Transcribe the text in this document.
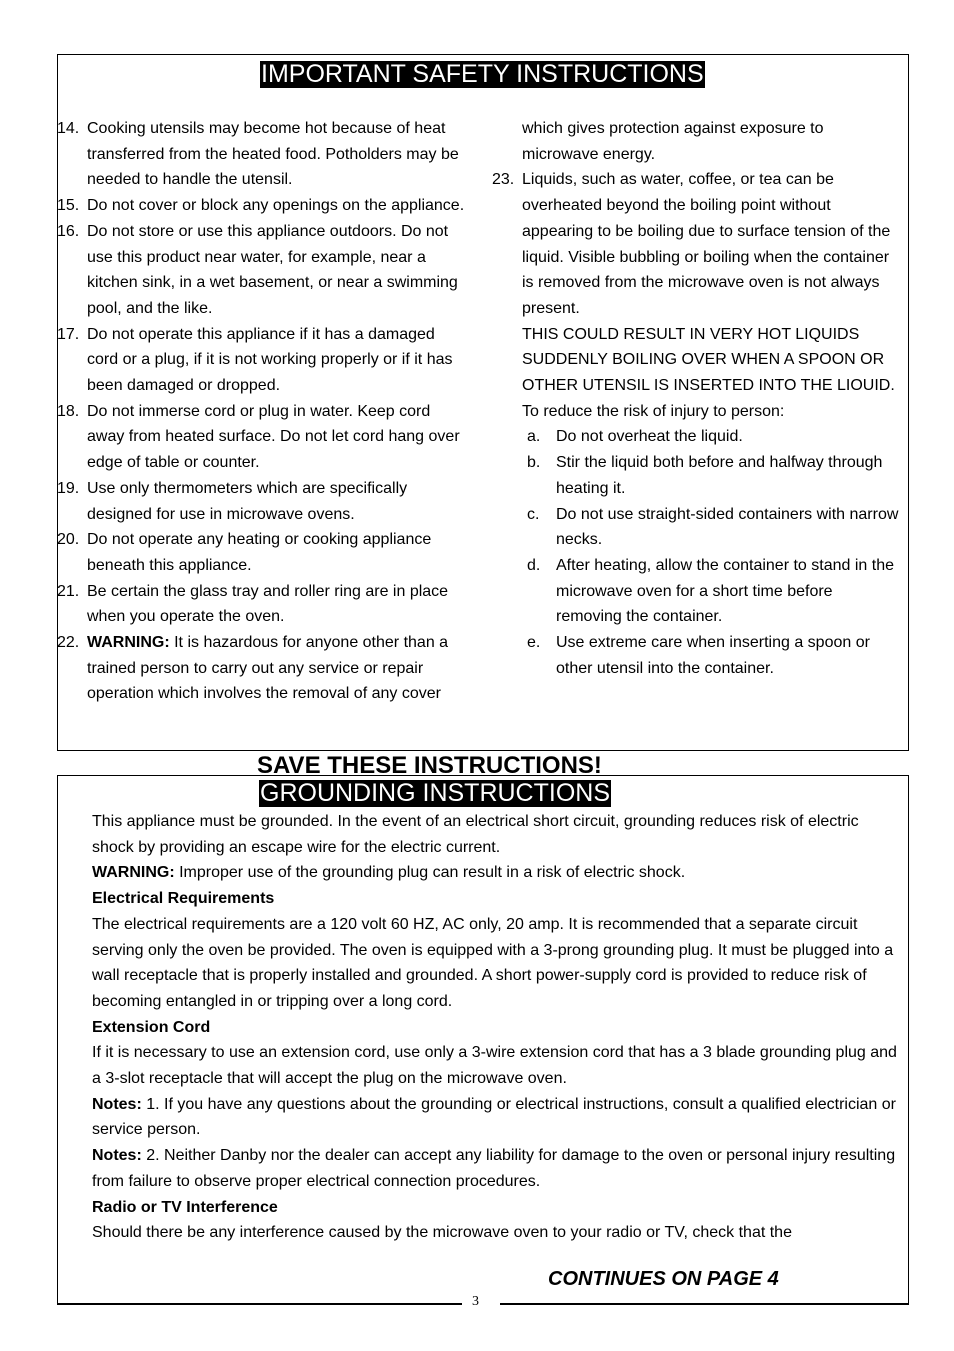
IMPORTANT SAFETY INSTRUCTIONS
14. Cooking utensils may become hot because of heat transferred from the heated food. Potholders may be needed to handle the utensil.
15. Do not cover or block any openings on the appliance.
16. Do not store or use this appliance outdoors. Do not use this product near water, for example, near a kitchen sink, in a wet basement, or near a swimming pool, and the like.
17. Do not operate this appliance if it has a damaged cord or a plug, if it is not working properly or if it has been damaged or dropped.
18. Do not immerse cord or plug in water. Keep cord away from heated surface. Do not let cord hang over edge of table or counter.
19. Use only thermometers which are specifically designed for use in microwave ovens.
20. Do not operate any heating or cooking appliance beneath this appliance.
21. Be certain the glass tray and roller ring are in place when you operate the oven.
22. WARNING: It is hazardous for anyone other than a trained person to carry out any service or repair operation which involves the removal of any cover
which gives protection against exposure to microwave energy.
23. Liquids, such as water, coffee, or tea can be overheated beyond the boiling point without appearing to be boiling due to surface tension of the liquid. Visible bubbling or boiling when the container is removed from the microwave oven is not always present.
THIS COULD RESULT IN VERY HOT LIQUIDS SUDDENLY BOILING OVER WHEN A SPOON OR OTHER UTENSIL IS INSERTED INTO THE LIOUID.
To reduce the risk of injury to person:
a. Do not overheat the liquid.
b. Stir the liquid both before and halfway through heating it.
c. Do not use straight-sided containers with narrow necks.
d. After heating, allow the container to stand in the microwave oven for a short time before removing the container.
e. Use extreme care when inserting a spoon or other utensil into the container.
SAVE THESE INSTRUCTIONS!
GROUNDING INSTRUCTIONS
This appliance must be grounded. In the event of an electrical short circuit, grounding reduces risk of electric shock by providing an escape wire for the electric current.
WARNING: Improper use of the grounding plug can result in a risk of electric shock.
Electrical Requirements
The electrical requirements are a 120 volt 60 HZ, AC only, 20 amp. It is recommended that a separate circuit serving only the oven be provided. The oven is equipped with a 3-prong grounding plug. It must be plugged into a wall receptacle that is properly installed and grounded. A short power-supply cord is provided to reduce risk of becoming entangled in or tripping over a long cord.
Extension Cord
If it is necessary to use an extension cord, use only a 3-wire extension cord that has a 3 blade grounding plug and a 3-slot receptacle that will accept the plug on the microwave oven.
Notes: 1. If you have any questions about the grounding or electrical instructions, consult a qualified electrician or service person.
Notes: 2. Neither Danby nor the dealer can accept any liability for damage to the oven or personal injury resulting from failure to observe proper electrical connection procedures.
Radio or TV Interference
Should there be any interference caused by the microwave oven to your radio or TV, check that the
CONTINUES ON PAGE 4
3
